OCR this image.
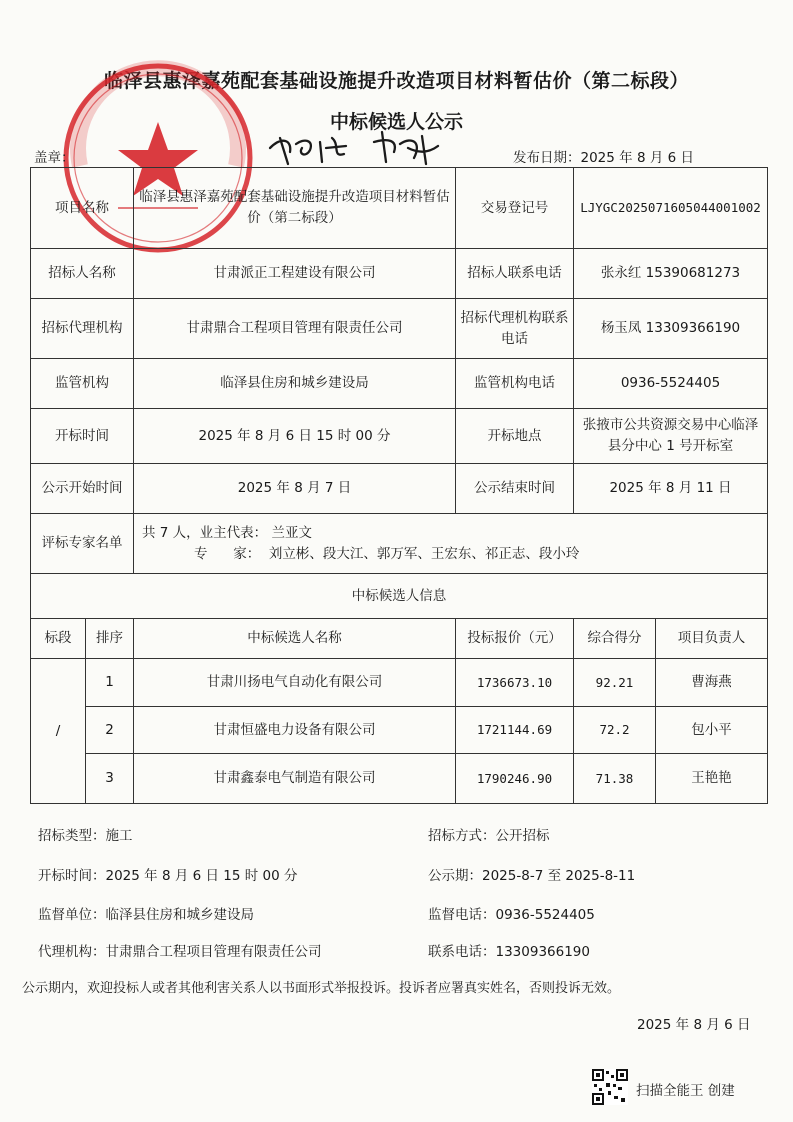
临泽县惠泽嘉苑配套基础设施提升改造项目材料暂估价（第二标段）
中标候选人公示
盖章：	发布日期：2025 年 8 月 6 日
项目名称		临泽县惠泽嘉苑配套基础设施提升改造项目材料暂估价（第二标段）	交易登记号	LJYGC2025071605044001002	
招标人名称		甘肃派正工程建设有限公司	招标人联系电话	张永红 15390681273	
招标代理机构		甘肃鼎合工程项目管理有限责任公司	招标代理机构联系电话	杨玉凤 13309366190	
监管机构		临泽县住房和城乡建设局	监管机构电话	0936-5524405	
开标时间		2025 年 8 月 6 日 15 时 00 分	开标地点	张掖市公共资源交易中心临泽县分中心 1 号开标室	
公示开始时间		2025 年 8 月 7 日	公示结束时间	2025 年 8 月 11 日	
评标专家名单		共 7 人，业主代表： 兰亚文
专      家：  刘立彬、段大江、郭万军、王宏东、祁正志、段小玲			

中标候选人信息					
标段	排序	中标候选人名称	投标报价（元）	综合得分	项目负责人
/	1	甘肃川扬电气自动化有限公司	1736673.10	92.21	曹海燕
	2	甘肃恒盛电力设备有限公司	1721144.69	72.2	包小平
	3	甘肃鑫泰电气制造有限公司	1790246.90	71.38	王艳艳
招标类型：施工	招标方式：公开招标
开标时间：2025 年 8 月 6 日 15 时 00 分	公示期：2025-8-7 至 2025-8-11
监督单位：临泽县住房和城乡建设局	监督电话：0936-5524405
代理机构：甘肃鼎合工程项目管理有限责任公司	联系电话：13309366190
公示期内，欢迎投标人或者其他利害关系人以书面形式举报投诉。投诉者应署真实姓名，否则投诉无效。
2025 年 8 月 6 日
扫描全能王 创建
